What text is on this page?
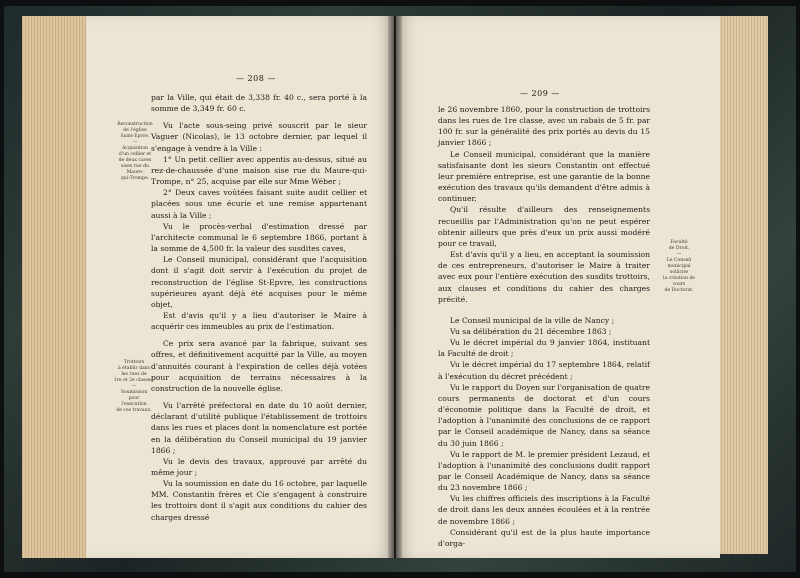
— 208 —

par la Ville, qui était de 3,338 fr. 40 c., sera porté à la somme de 3,349 fr. 60 c.

Vu l'acte sous-seing privé souscrit par le sieur Vaguer (Nicolas), le 13 octobre dernier, par lequel il s'engage à vendre à la Ville :

1° Un petit cellier avec appentis au-dessus, situé au rez-de-chaussée d'une maison sise rue du Maure-qui-Trompe, n° 25, acquise par elle sur Mme Wéber ;

2° Deux caves voûtées faisant suite audit cellier et placées sous une écurie et une remise appartenant aussi à la Ville ;

Vu le procès-verbal d'estimation dressé par l'architecte communal le 6 septembre 1866, portant à la somme de 4,500 fr. la valeur des susdites caves,

Le Conseil municipal, considérant que l'acquisition dont il s'agit doit servir à l'exécution du projet de reconstruction de l'église St-Epvre, les constructions supérieures ayant déjà été acquises pour le même objet,

Est d'avis qu'il y a lieu d'autoriser le Maire à acquérir ces immeubles au prix de l'estimation.

Ce prix sera avancé par la fabrique, suivant ses offres, et définitivement acquitté par la Ville, au moyen d'annuités courant à l'expiration de celles déjà votées pour acquisition de terrains nécessaires à la construction de la nouvelle église.

Vu l'arrêté préfectoral en date du 10 août dernier, déclarant d'utilité publique l'établissement de trottoirs dans les rues et places dont la nomenclature est portée en la délibération du Conseil municipal du 19 janvier 1866 ;

Vu le devis des travaux, approuvé par arrêté du même jour ;

Vu la soumission en date du 16 octobre, par laquelle MM. Constantin frères et Cie s'engagent à construire les trottoirs dont il s'agit aux conditions du cahier des charges dressé

Reconstruction
de l'église
Saint-Epvre.
—
Acquisition
d'un cellier et
de deux caves
sises rue du Maure-
qui-Trompe.
Trottoirs
à établir dans
les rues de
1re et 2e classes.
—
Soumission
pour
l'exécution
de ces travaux.
— 209 —

le 26 novembre 1860, pour la construction de trottoirs dans les rues de 1re classe, avec un rabais de 5 fr. par 100 fr. sur la généralité des prix portés au devis du 15 janvier 1866 ;

Le Conseil municipal, considérant que la manière satisfaisante dont les sieurs Constantin ont effectué leur première entreprise, est une garantie de la bonne exécution des travaux qu'ils demandent d'être admis à continuer,

Qu'il résulte d'ailleurs des renseignements recueillis par l'Administration qu'on ne peut espérer obtenir ailleurs que près d'eux un prix aussi modéré pour ce travail,

Est d'avis qu'il y a lieu, en acceptant la soumission de ces entrepreneurs, d'autoriser le Maire à traiter avec eux pour l'entière exécution des susdits trottoirs, aux clauses et conditions du cahier des charges précité.

Le Conseil municipal de la ville de Nancy ;

Vu sa délibération du 21 décembre 1863 ;

Vu le décret impérial du 9 janvier 1864, instituant la Faculté de droit ;

Vu le décret impérial du 17 septembre 1864, relatif à l'exécution du décret précédent ;

Vu le rapport du Doyen sur l'organisation de quatre cours permanents de doctorat et d'un cours d'économie politique dans la Faculté de droit, et l'adoption à l'unanimité des conclusions de ce rapport par le Conseil académique de Nancy, dans sa séance du 30 juin 1866 ;

Vu le rapport de M. le premier président Lezaud, et l'adoption à l'unanimité des conclusions dudit rapport par le Conseil Académique de Nancy, dans sa séance du 23 novembre 1866 ;

Vu les chiffres officiels des inscriptions à la Faculté de droit dans les deux années écoulées et à la rentrée de novembre 1866 ;

Considérant qu'il est de la plus haute importance d'orga-

Faculté
de Droit.
—
Le Conseil
municipal
sollicite
la création de
cours
de Doctorat.
